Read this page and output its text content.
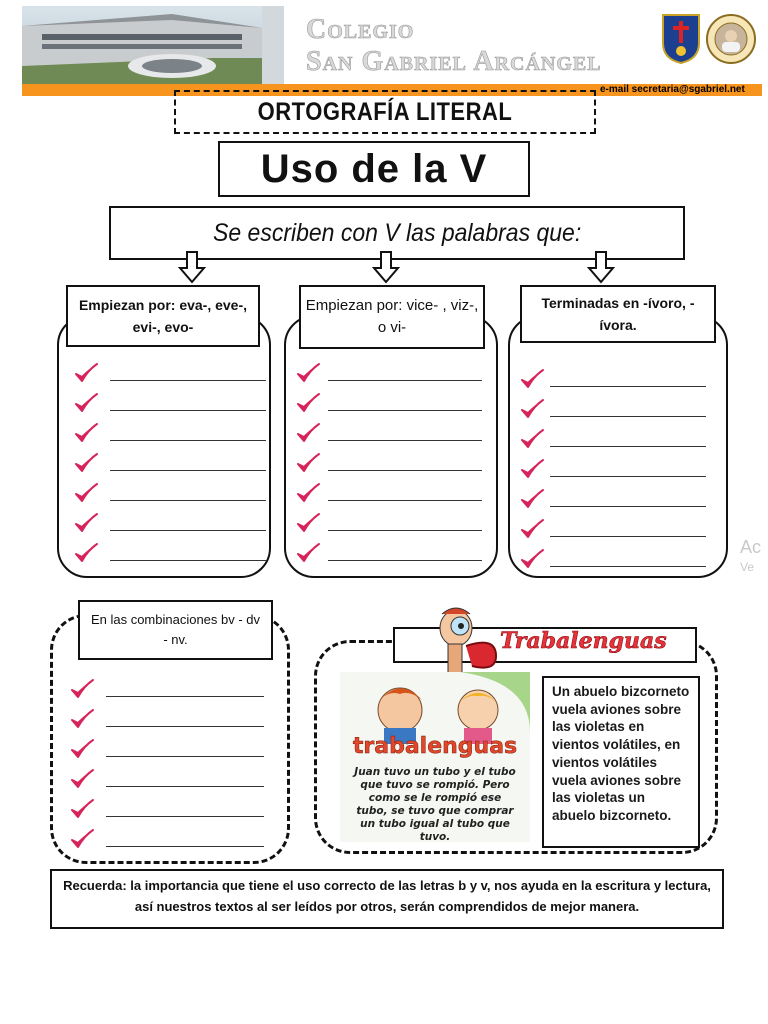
Colegio
San Gabriel Arcángel
e-mail secretaria@sgabriel.net
ORTOGRAFÍA LITERAL
Uso de la V
Se escriben con V las palabras que:
Empiezan por: eva-, eve-, evi-, evo-
Empiezan por: vice- , viz-, o vi-
Terminadas en -ívoro, - ívora.
En las combinaciones bv - dv - nv.	Trabalenguas
trabalenguas
Juan tuvo un tubo y el tubo que tuvo se rompió. Pero como se le rompió ese tubo, se tuvo que comprar un tubo igual al tubo que tuvo.
Un abuelo bizcorneto vuela aviones sobre las violetas en vientos volátiles, en vientos volátiles vuela aviones sobre las violetas un abuelo bizcorneto.
Recuerda: la importancia que tiene el uso correcto de las letras b y v, nos ayuda en la escritura y lectura, así nuestros textos al ser leídos por otros, serán comprendidos de mejor manera.
Ac
Ve
